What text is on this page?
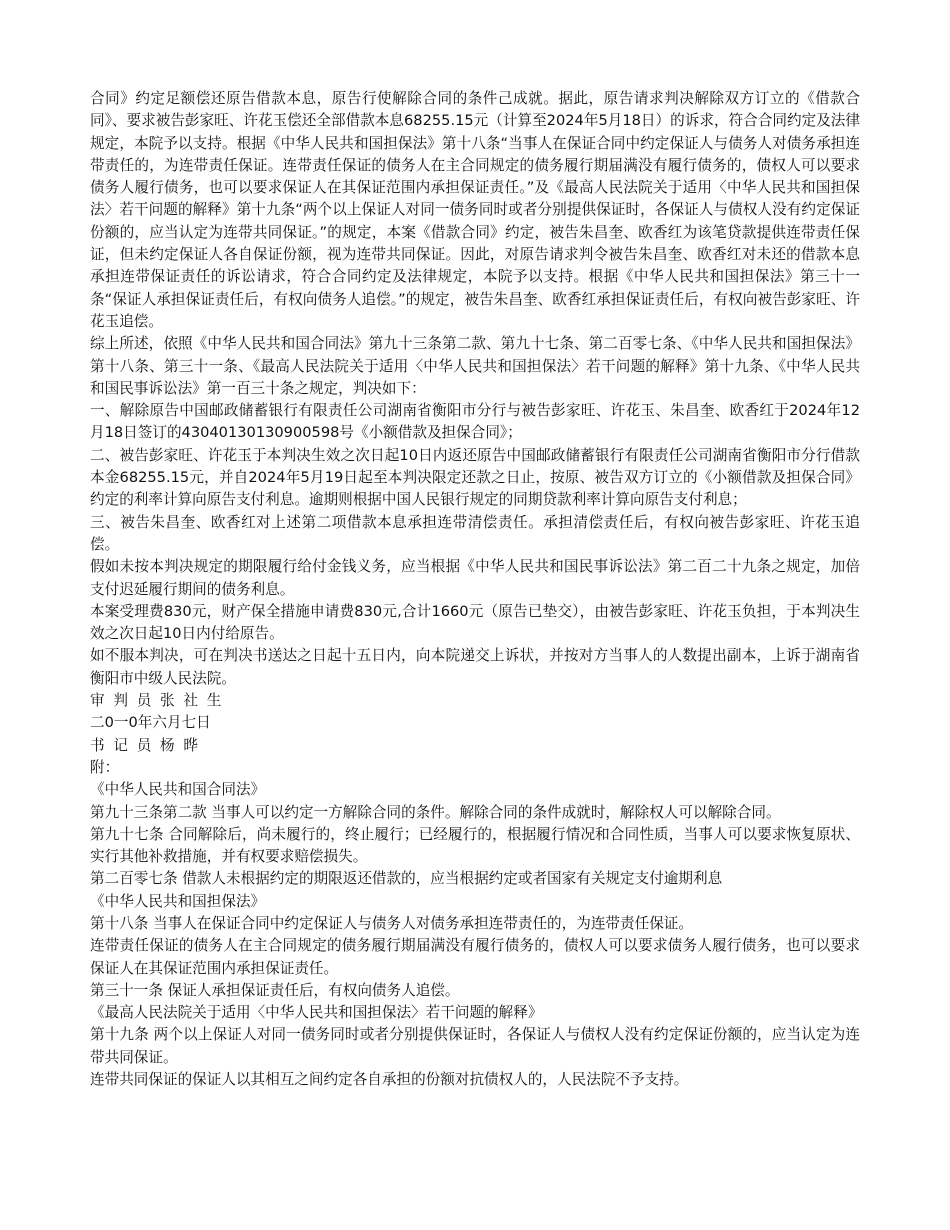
合同》约定足额偿还原告借款本息，原告行使解除合同的条件己成就。据此，原告请求判决解除双方订立的《借款合同》、要求被告彭家旺、许花玉偿还全部借款本息68255.15元（计算至2024年5月18日）的诉求，符合合同约定及法律规定，本院予以支持。根据《中华人民共和国担保法》第十八条“当事人在保证合同中约定保证人与债务人对债务承担连带责任的，为连带责任保证。连带责任保证的债务人在主合同规定的债务履行期届满没有履行债务的，债权人可以要求债务人履行债务，也可以要求保证人在其保证范围内承担保证责任。”及《最高人民法院关于适用〈中华人民共和国担保法〉若干问题的解释》第十九条“两个以上保证人对同一债务同时或者分别提供保证时，各保证人与债权人没有约定保证份额的，应当认定为连带共同保证。”的规定，本案《借款合同》约定，被告朱昌奎、欧香红为该笔贷款提供连带责任保证，但未约定保证人各自保证份额，视为连带共同保证。因此，对原告请求判令被告朱昌奎、欧香红对未还的借款本息承担连带保证责任的诉讼请求，符合合同约定及法律规定，本院予以支持。根据《中华人民共和国担保法》第三十一条“保证人承担保证责任后，有权向债务人追偿。”的规定，被告朱昌奎、欧香红承担保证责任后，有权向被告彭家旺、许花玉追偿。

综上所述，依照《中华人民共和国合同法》第九十三条第二款、第九十七条、第二百零七条、《中华人民共和国担保法》第十八条、第三十一条、《最高人民法院关于适用〈中华人民共和国担保法〉若干问题的解释》第十九条、《中华人民共和国民事诉讼法》第一百三十条之规定，判决如下：

一、解除原告中国邮政储蓄银行有限责任公司湖南省衡阳市分行与被告彭家旺、许花玉、朱昌奎、欧香红于2024年12月18日签订的43040130130900598号《小额借款及担保合同》；

二、被告彭家旺、许花玉于本判决生效之次日起10日内返还原告中国邮政储蓄银行有限责任公司湖南省衡阳市分行借款本金68255.15元，并自2024年5月19日起至本判决限定还款之日止，按原、被告双方订立的《小额借款及担保合同》约定的利率计算向原告支付利息。逾期则根据中国人民银行规定的同期贷款利率计算向原告支付利息；

三、被告朱昌奎、欧香红对上述第二项借款本息承担连带清偿责任。承担清偿责任后，有权向被告彭家旺、许花玉追偿。

假如未按本判决规定的期限履行给付金钱义务，应当根据《中华人民共和国民事诉讼法》第二百二十九条之规定，加倍支付迟延履行期间的债务利息。

本案受理费830元，财产保全措施申请费830元,合计1660元（原告已垫交），由被告彭家旺、许花玉负担，于本判决生效之次日起10日内付给原告。

如不服本判决，可在判决书送达之日起十五日内，向本院递交上诉状，并按对方当事人的人数提出副本，上诉于湖南省衡阳市中级人民法院。

审判员张社生

二0一0年六月七日

书记员杨晔

附：

《中华人民共和国合同法》

第九十三条第二款 当事人可以约定一方解除合同的条件。解除合同的条件成就时，解除权人可以解除合同。

第九十七条 合同解除后，尚未履行的，终止履行；已经履行的，根据履行情况和合同性质，当事人可以要求恢复原状、实行其他补救措施，并有权要求赔偿损失。

第二百零七条 借款人未根据约定的期限返还借款的，应当根据约定或者国家有关规定支付逾期利息

《中华人民共和国担保法》

第十八条 当事人在保证合同中约定保证人与债务人对债务承担连带责任的，为连带责任保证。

连带责任保证的债务人在主合同规定的债务履行期届满没有履行债务的，债权人可以要求债务人履行债务，也可以要求保证人在其保证范围内承担保证责任。

第三十一条 保证人承担保证责任后，有权向债务人追偿。

《最高人民法院关于适用〈中华人民共和国担保法〉若干问题的解释》

第十九条 两个以上保证人对同一债务同时或者分别提供保证时，各保证人与债权人没有约定保证份额的，应当认定为连带共同保证。

连带共同保证的保证人以其相互之间约定各自承担的份额对抗债权人的，人民法院不予支持。
